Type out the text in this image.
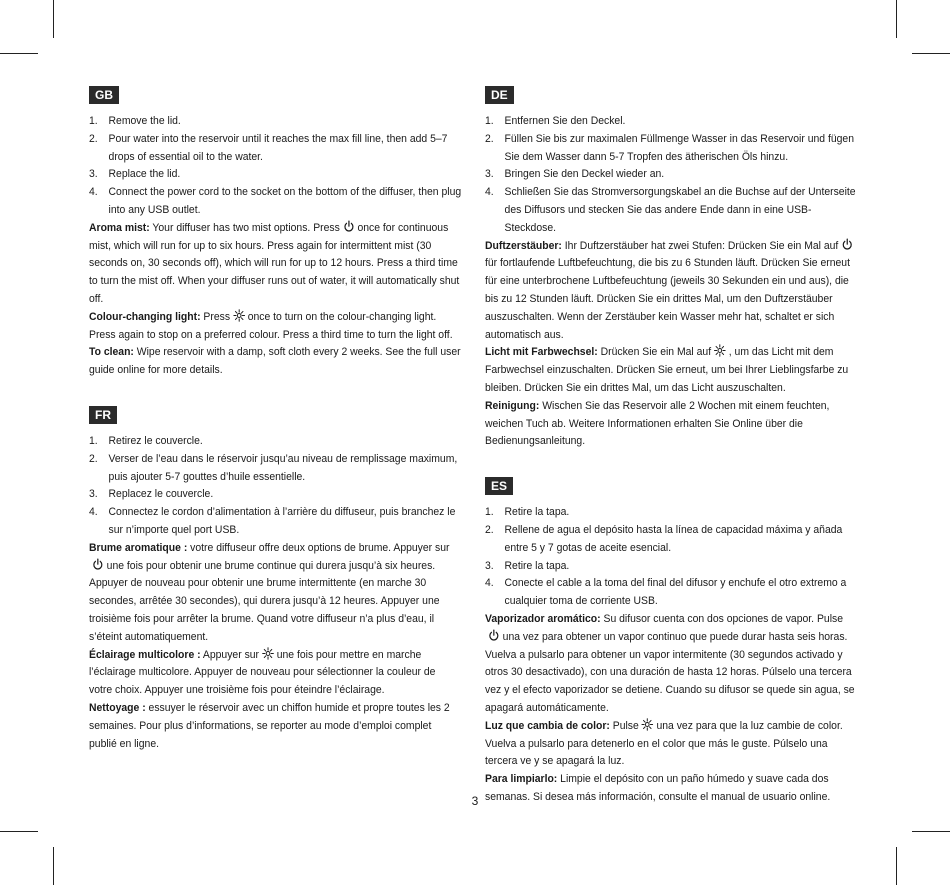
GB
1. Remove the lid.
2. Pour water into the reservoir until it reaches the max fill line, then add 5–7 drops of essential oil to the water.
3. Replace the lid.
4. Connect the power cord to the socket on the bottom of the diffuser, then plug into any USB outlet.

Aroma mist: Your diffuser has two mist options. Press once for continuous mist, which will run for up to six hours. Press again for intermittent mist (30 seconds on, 30 seconds off), which will run for up to 12 hours. Press a third time to turn the mist off. When your diffuser runs out of water, it will automatically shut off.

Colour-changing light: Press once to turn on the colour-changing light. Press again to stop on a preferred colour. Press a third time to turn the light off.

To clean: Wipe reservoir with a damp, soft cloth every 2 weeks. See the full user guide online for more details.

FR
1. Retirez le couvercle.
2. Verser de l’eau dans le réservoir jusqu’au niveau de remplissage maximum, puis ajouter 5-7 gouttes d’huile essentielle.
3. Replacez le couvercle.
4. Connectez le cordon d’alimentation à l’arrière du diffuseur, puis branchez le sur n’importe quel port USB.

Brume aromatique : votre diffuseur offre deux options de brume. Appuyer sur
une fois pour obtenir une brume continue qui durera jusqu’à six heures. Appuyer de nouveau pour obtenir une brume intermittente (en marche 30 secondes, arrêtée 30 secondes), qui durera jusqu’à 12 heures. Appuyer une troisième fois pour arrêter la brume. Quand votre diffuseur n’a plus d’eau, il s’éteint automatiquement.

Éclairage multicolore : Appuyer sur une fois pour mettre en marche l’éclairage multicolore. Appuyer de nouveau pour sélectionner la couleur de votre choix. Appuyer une troisième fois pour éteindre l’éclairage.

Nettoyage : essuyer le réservoir avec un chiffon humide et propre toutes les 2 semaines. Pour plus d’informations, se reporter au mode d’emploi complet publié en ligne.

DE
1. Entfernen Sie den Deckel.
2. Füllen Sie bis zur maximalen Füllmenge Wasser in das Reservoir und fügen Sie dem Wasser dann 5-7 Tropfen des ätherischen Öls hinzu.
3. Bringen Sie den Deckel wieder an.
4. Schließen Sie das Stromversorgungskabel an die Buchse auf der Unterseite des Diffusors und stecken Sie das andere Ende dann in eine USB-Steckdose.

Duftzerstäuber: Ihr Duftzerstäuber hat zwei Stufen: Drücken Sie ein Mal auf
für fortlaufende Luftbefeuchtung, die bis zu 6 Stunden läuft. Drücken Sie erneut für eine unterbrochene Luftbefeuchtung (jeweils 30 Sekunden ein und aus), die bis zu 12 Stunden läuft. Drücken Sie ein drittes Mal, um den Duftzerstäuber auszuschalten. Wenn der Zerstäuber kein Wasser mehr hat, schaltet er sich automatisch aus.

Licht mit Farbwechsel: Drücken Sie ein Mal auf , um das Licht mit dem Farbwechsel einzuschalten. Drücken Sie erneut, um bei Ihrer Lieblingsfarbe zu bleiben. Drücken Sie ein drittes Mal, um das Licht auszuschalten.

Reinigung: Wischen Sie das Reservoir alle 2 Wochen mit einem feuchten, weichen Tuch ab. Weitere Informationen erhalten Sie Online über die Bedienungsanleitung.

ES
1. Retire la tapa.
2. Rellene de agua el depósito hasta la línea de capacidad máxima y añada entre 5 y 7 gotas de aceite esencial.
3. Retire la tapa.
4. Conecte el cable a la toma del final del difusor y enchufe el otro extremo a cualquier toma de corriente USB.

Vaporizador aromático: Su difusor cuenta con dos opciones de vapor. Pulse
una vez para obtener un vapor continuo que puede durar hasta seis horas. Vuelva a pulsarlo para obtener un vapor intermitente (30 segundos activado y otros 30 desactivado), con una duración de hasta 12 horas. Púlselo una tercera vez y el efecto vaporizador se detiene. Cuando su difusor se quede sin agua, se apagará automáticamente.

Luz que cambia de color: Pulse una vez para que la luz cambie de color. Vuelva a pulsarlo para detenerlo en el color que más le guste. Púlselo una tercera ve y se apagará la luz.

Para limpiarlo: Limpie el depósito con un paño húmedo y suave cada dos semanas. Si desea más información, consulte el manual de usuario online.

3
